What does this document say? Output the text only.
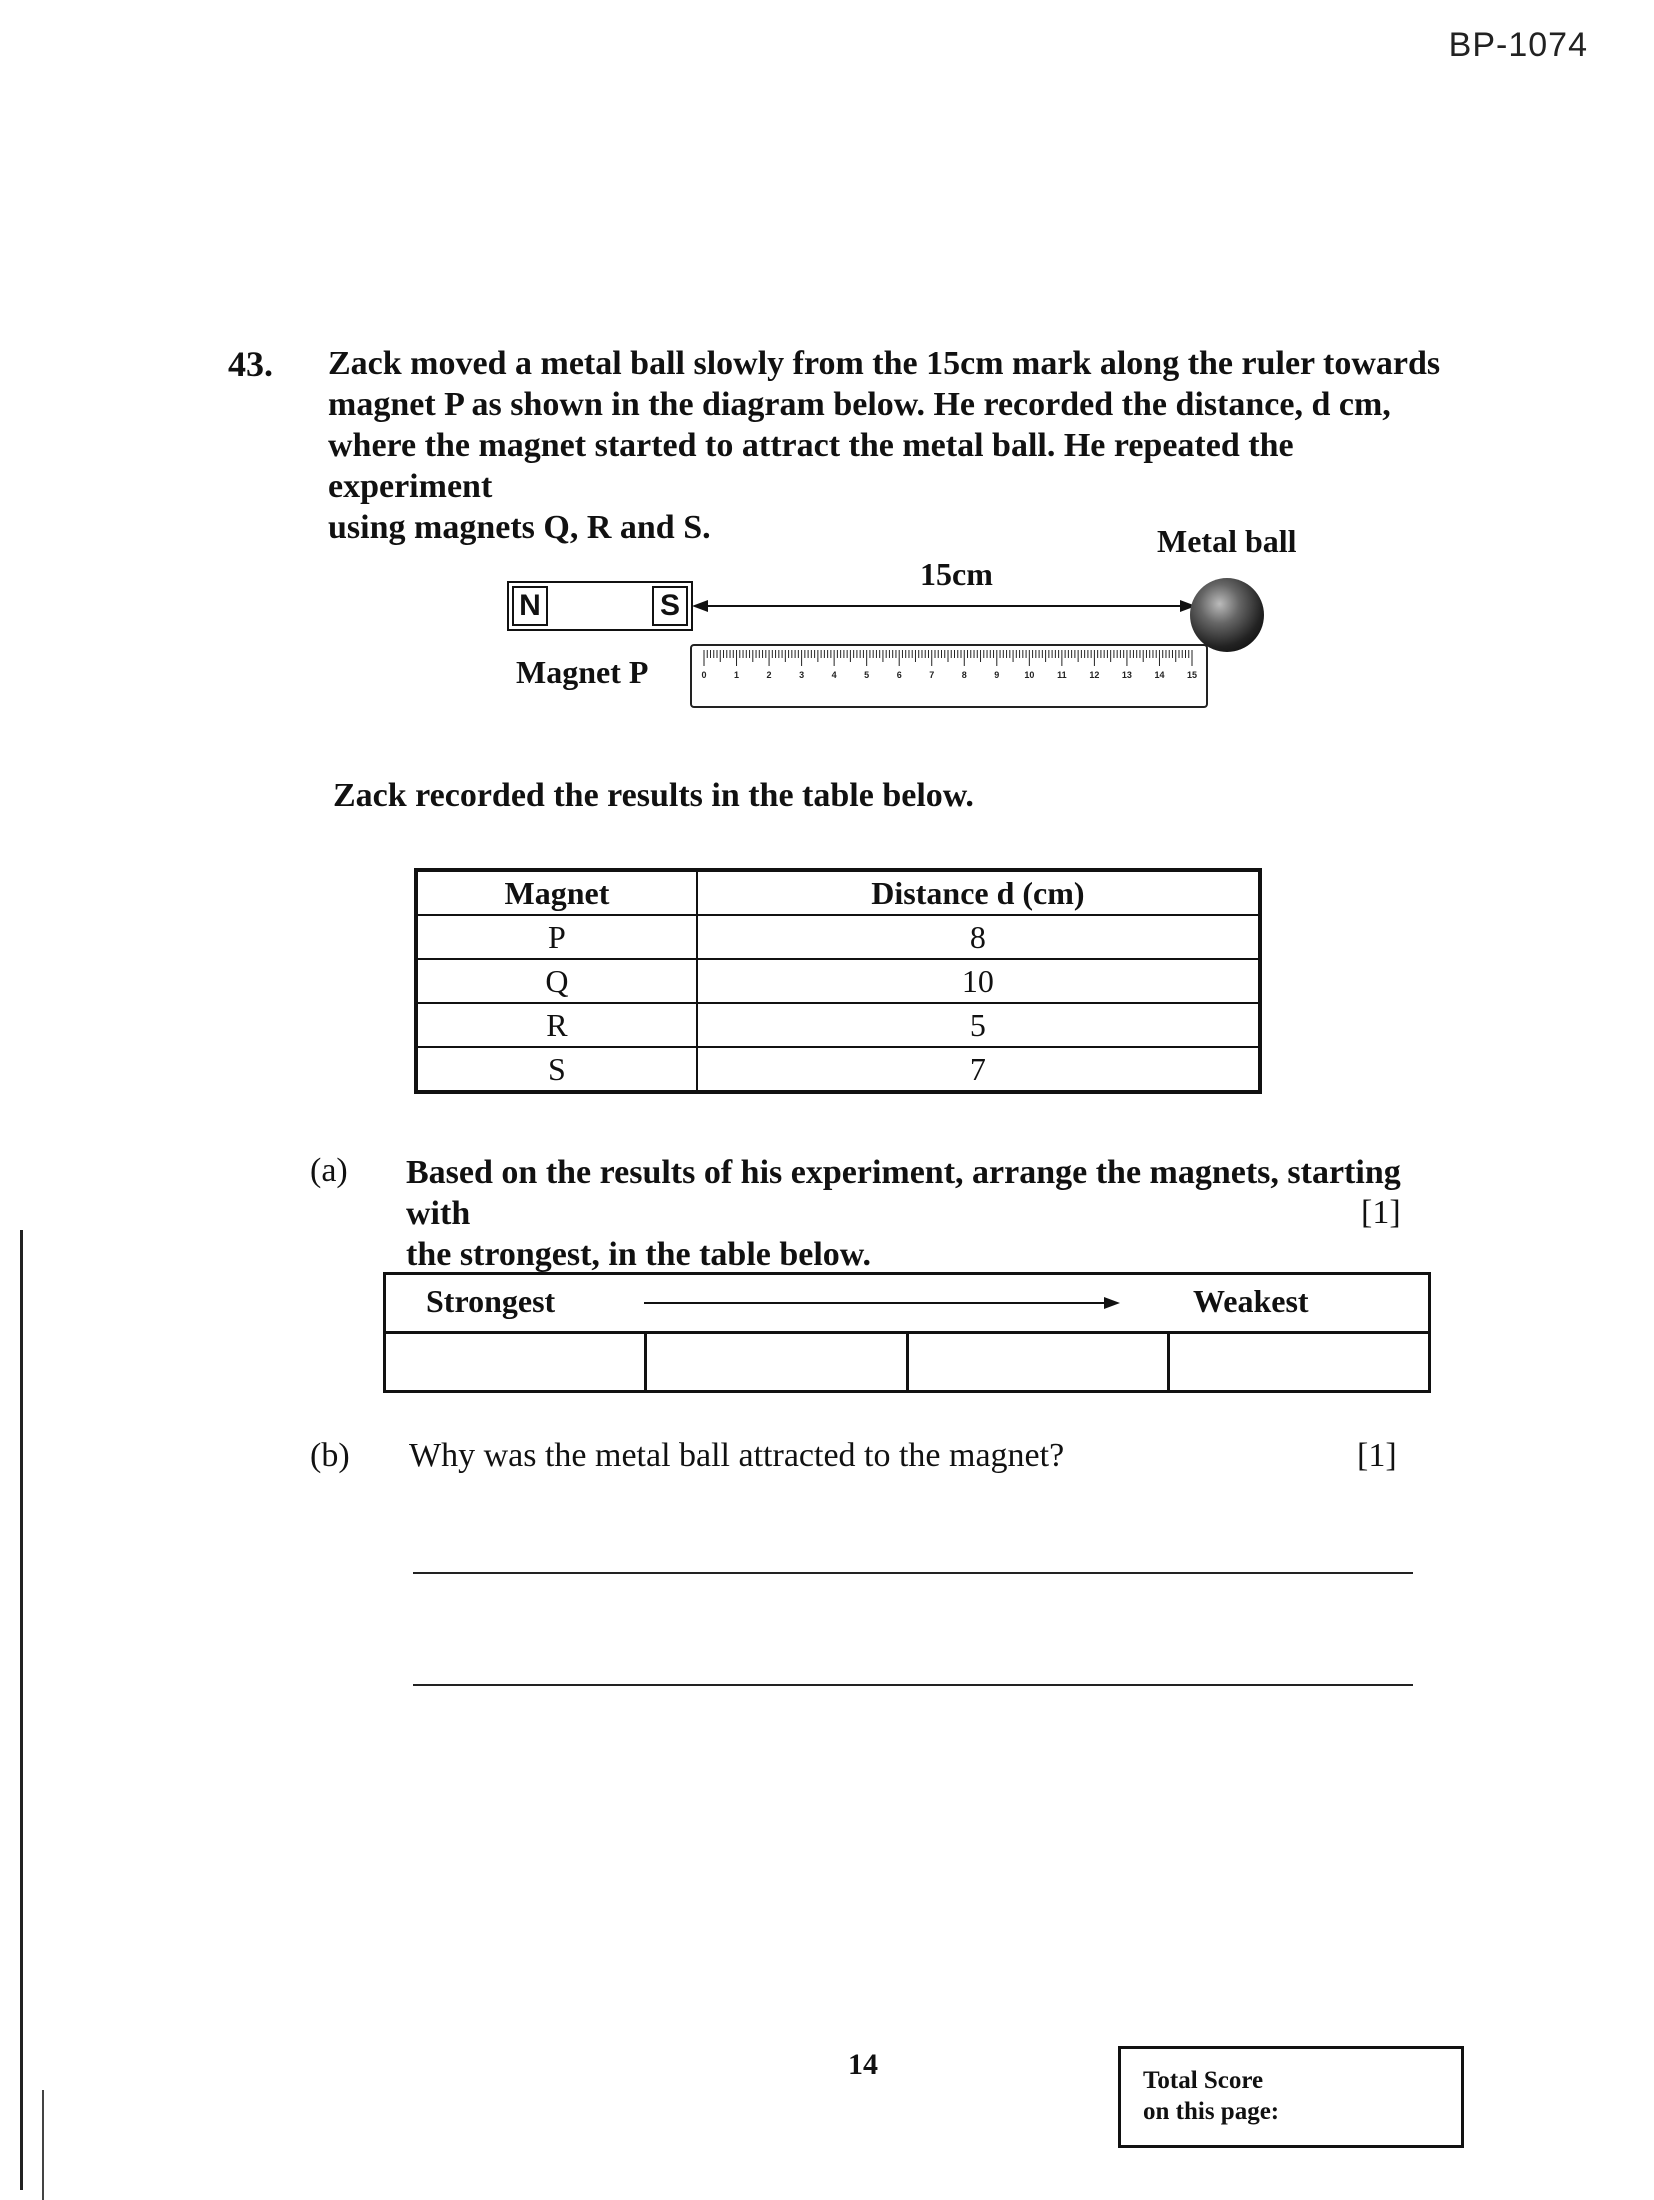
BP-1074
43. Zack moved a metal ball slowly from the 15cm mark along the ruler towards
magnet P as shown in the diagram below. He recorded the distance, d cm,
where the magnet started to attract the metal ball. He repeated the experiment
using magnets Q, R and S.	Metal ball
15cm
N	S
Magnet P	0	1	2	3	4	5	6	7	8	9	10	11	12	13	14	15
Zack recorded the results in the table below.
Magnet	Distance d (cm)
P	8
Q	10
R	5
S	7
(a) Based on the results of his experiment, arrange the magnets, starting with
the strongest, in the table below.
[1]
Strongest	Weakest
(b) Why was the metal ball attracted to the magnet?	[1]
14	Total Score
on this page:
